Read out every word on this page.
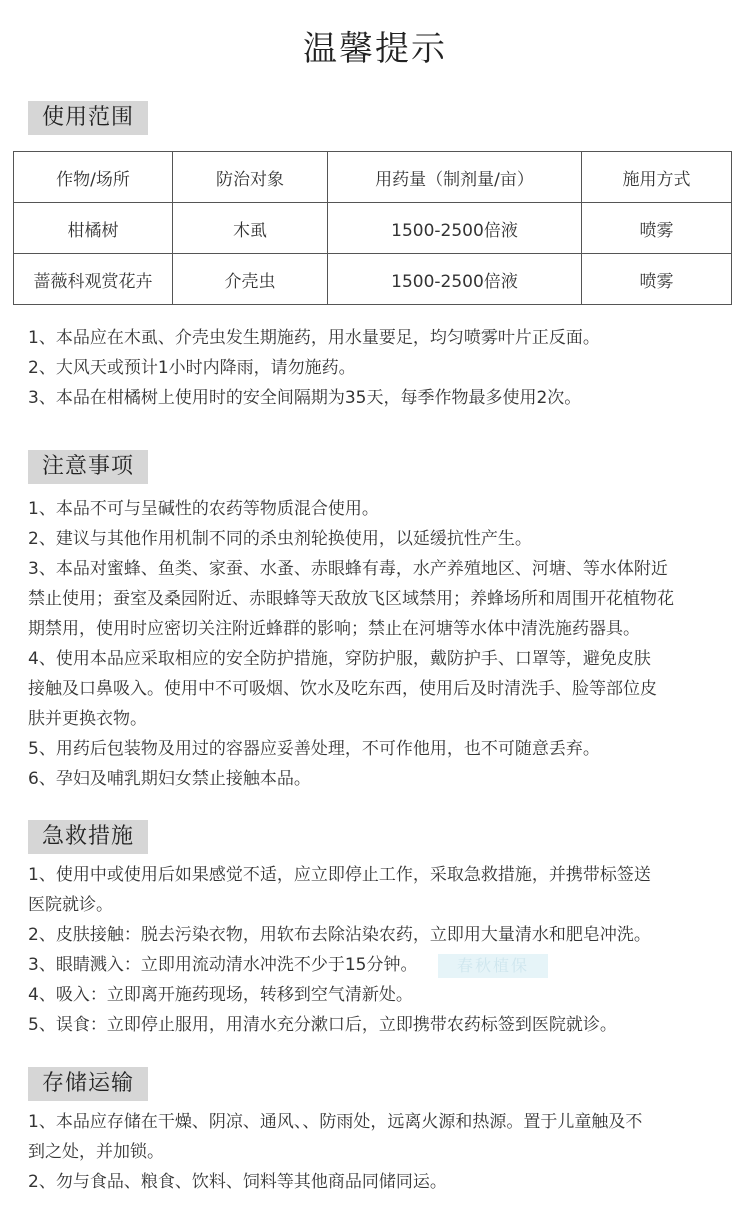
温馨提示
使用范围
作物/场所	防治对象	用药量（制剂量/亩）	施用方式
柑橘树	木虱	1500-2500倍液	喷雾
蔷薇科观赏花卉	介壳虫	1500-2500倍液	喷雾

1、本品应在木虱、介壳虫发生期施药，用水量要足，均匀喷雾叶片正反面。

2、大风天或预计1小时内降雨，请勿施药。

3、本品在柑橘树上使用时的安全间隔期为35天，每季作物最多使用2次。

注意事项

1、本品不可与呈碱性的农药等物质混合使用。

2、建议与其他作用机制不同的杀虫剂轮换使用，以延缓抗性产生。

3、本品对蜜蜂、鱼类、家蚕、水蚤、赤眼蜂有毒，水产养殖地区、河塘、等水体附近

禁止使用；蚕室及桑园附近、赤眼蜂等天敌放飞区域禁用；养蜂场所和周围开花植物花

期禁用，使用时应密切关注附近蜂群的影响；禁止在河塘等水体中清洗施药器具。

4、使用本品应采取相应的安全防护措施，穿防护服，戴防护手、口罩等，避免皮肤

接触及口鼻吸入。使用中不可吸烟、饮水及吃东西，使用后及时清洗手、脸等部位皮

肤并更换衣物。

5、用药后包装物及用过的容器应妥善处理，不可作他用，也不可随意丢弃。

6、孕妇及哺乳期妇女禁止接触本品。

急救措施

1、使用中或使用后如果感觉不适，应立即停止工作，采取急救措施，并携带标签送

医院就诊。

2、皮肤接触：脱去污染衣物，用软布去除沾染农药，立即用大量清水和肥皂冲洗。

3、眼睛溅入：立即用流动清水冲洗不少于15分钟。

4、吸入：立即离开施药现场，转移到空气清新处。

5、误食：立即停止服用，用清水充分漱口后，立即携带农药标签到医院就诊。

春秋植保
存储运输

1、本品应存储在干燥、阴凉、通风、、防雨处，远离火源和热源。置于儿童触及不

到之处，并加锁。

2、勿与食品、粮食、饮料、饲料等其他商品同储同运。
